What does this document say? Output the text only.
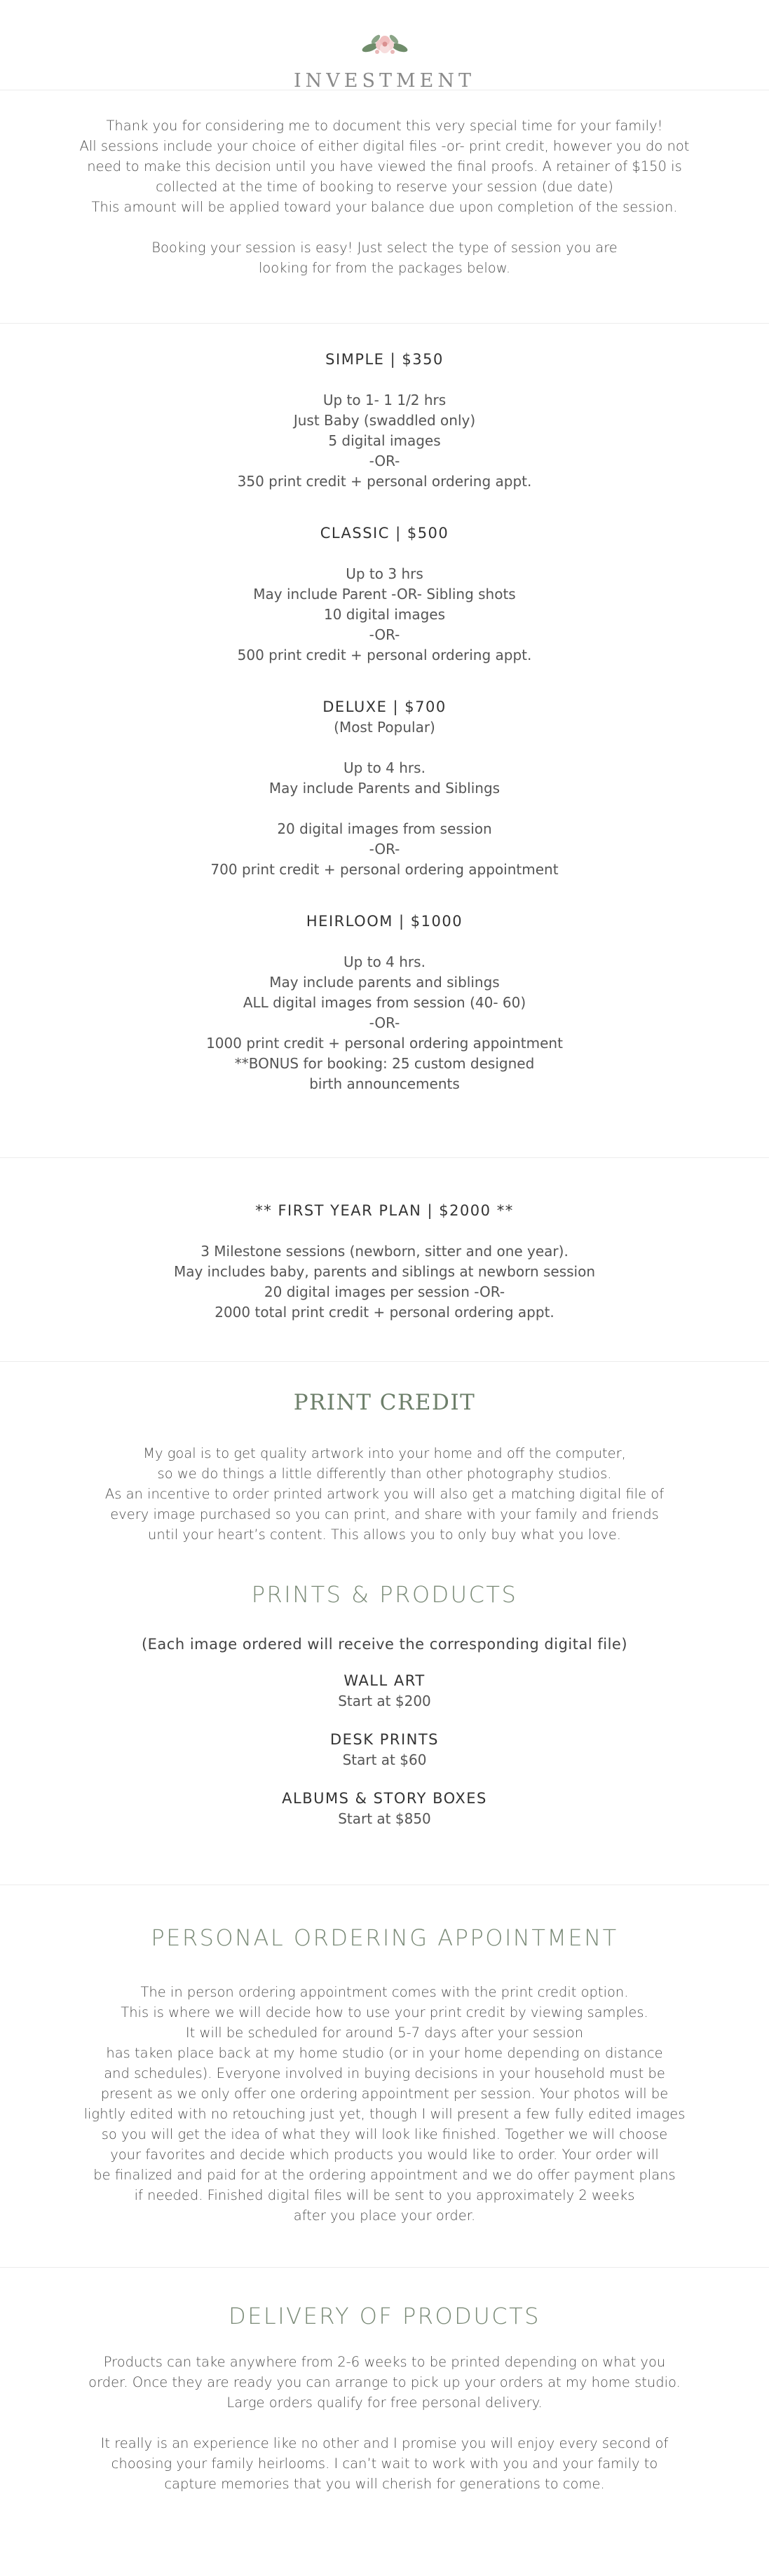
INVESTMENT

Thank you for considering me to document this very special time for your family!
All sessions include your choice of either digital files -or- print credit, however you do not
need to make this decision until you have viewed the final proofs. A retainer of $150 is
collected at the time of booking to reserve your session (due date)
This amount will be applied toward your balance due upon completion of the session.

Booking your session is easy! Just select the type of session you are
looking for from the packages below.

SIMPLE | $350
Up to 1- 1 1/2 hrs
Just Baby (swaddled only)
5 digital images
-OR-
350 print credit + personal ordering appt.
CLASSIC | $500
Up to 3 hrs
May include Parent -OR- Sibling shots
10 digital images
-OR-
500 print credit + personal ordering appt.
DELUXE | $700
(Most Popular)
Up to 4 hrs.
May include Parents and Siblings

20 digital images from session
-OR-
700 print credit + personal ordering appointment
HEIRLOOM | $1000
Up to 4 hrs.
May include parents and siblings
ALL digital images from session (40- 60)
-OR-
1000 print credit + personal ordering appointment
**BONUS for booking: 25 custom designed
birth announcements
** FIRST YEAR PLAN | $2000 **
3 Milestone sessions (newborn, sitter and one year).
May includes baby, parents and siblings at newborn session
20 digital images per session -OR-
2000 total print credit + personal ordering appt.
PRINT CREDIT

My goal is to get quality artwork into your home and off the computer,
so we do things a little differently than other photography studios.
As an incentive to order printed artwork you will also get a matching digital file of
every image purchased so you can print, and share with your family and friends
until your heart’s content. This allows you to only buy what you love.

PRINTS & PRODUCTS
(Each image ordered will receive the corresponding digital file)
WALL ART
Start at $200
DESK PRINTS
Start at $60
ALBUMS & STORY BOXES
Start at $850
PERSONAL ORDERING APPOINTMENT

The in person ordering appointment comes with the print credit option.
This is where we will decide how to use your print credit by viewing samples.
It will be scheduled for around 5-7 days after your session
has taken place back at my home studio (or in your home depending on distance
and schedules). Everyone involved in buying decisions in your household must be
present as we only offer one ordering appointment per session. Your photos will be
lightly edited with no retouching just yet, though I will present a few fully edited images
so you will get the idea of what they will look like finished. Together we will choose
your favorites and decide which products you would like to order. Your order will
be finalized and paid for at the ordering appointment and we do offer payment plans
if needed. Finished digital files will be sent to you approximately 2 weeks
after you place your order.

DELIVERY OF PRODUCTS

Products can take anywhere from 2-6 weeks to be printed depending on what you
order. Once they are ready you can arrange to pick up your orders at my home studio.
Large orders qualify for free personal delivery.

It really is an experience like no other and I promise you will enjoy every second of
choosing your family heirlooms. I can’t wait to work with you and your family to
capture memories that you will cherish for generations to come.
